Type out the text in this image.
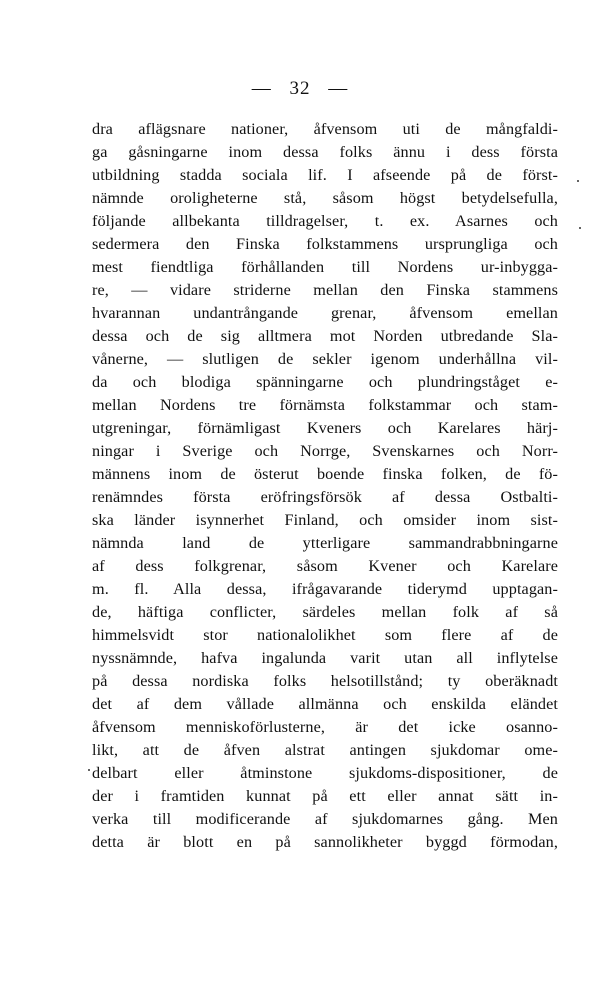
— 32 —
dra aflägsnare nationer, åfvensom uti de mångfaldi-
ga gåsningarne inom dessa folks ännu i dess första
utbildning stadda sociala lif. I afseende på de först-
nämnde oroligheterne stå, såsom högst betydelsefulla,
följande allbekanta tilldragelser, t. ex. Asarnes och
sedermera den Finska folkstammens ursprungliga och
mest fiendtliga förhållanden till Nordens ur-inbygga-
re, — vidare striderne mellan den Finska stammens
hvarannan undantrångande grenar, åfvensom emellan
dessa och de sig alltmera mot Norden utbredande Sla-
vånerne, — slutligen de sekler igenom underhållna vil-
da och blodiga spänningarne och plundringståget e-
mellan Nordens tre förnämsta folkstammar och stam-
utgreningar, förnämligast Kveners och Karelares härj-
ningar i Sverige och Norrge, Svenskarnes och Norr-
männens inom de österut boende finska folken, de fö-
renämndes första eröfringsförsök af dessa Ostbalti-
ska länder isynnerhet Finland, och omsider inom sist-
nämnda land de ytterligare sammandrabbningarne
af dess folkgrenar, såsom Kvener och Karelare
m. fl. Alla dessa, ifrågavarande tiderymd upptagan-
de, häftiga conflicter, särdeles mellan folk af så
himmelsvidt stor nationalolikhet som flere af de
nyssnämnde, hafva ingalunda varit utan all inflytelse
på dessa nordiska folks helsotillstånd; ty oberäknadt
det af dem vållade allmänna och enskilda eländet
åfvensom menniskoförlusterne, är det icke osanno-
likt, att de åfven alstrat antingen sjukdomar ome-
delbart eller åtminstone sjukdoms-dispositioner, de
der i framtiden kunnat på ett eller annat sätt in-
verka till modificerande af sjukdomarnes gång. Men
detta är blott en på sannolikheter byggd förmodan,
